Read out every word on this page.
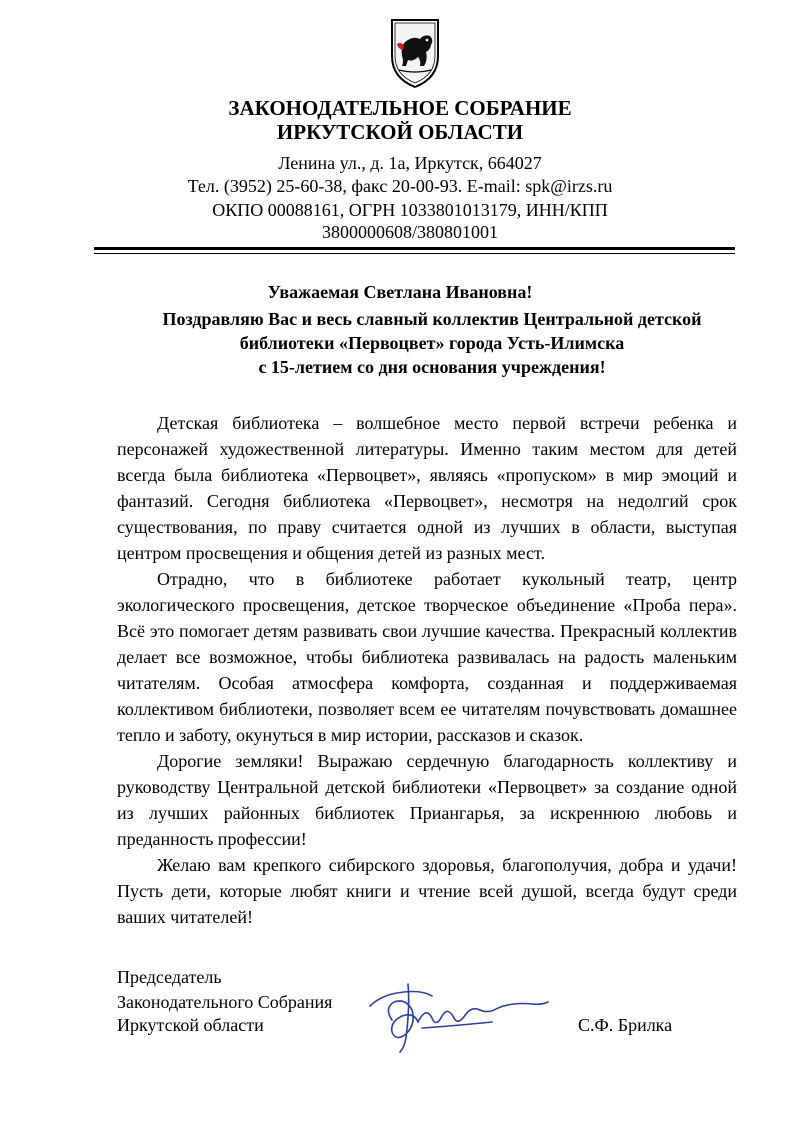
ЗАКОНОДАТЕЛЬНОЕ СОБРАНИЕ
ИРКУТСКОЙ ОБЛАСТИ
Ленина ул., д. 1а, Иркутск, 664027
Тел. (3952) 25-60-38, факс 20-00-93. E-mail: spk@irzs.ru
ОКПО 00088161, ОГРН 1033801013179, ИНН/КПП
3800000608/380801001
Уважаемая Светлана Ивановна!
Поздравляю Вас и весь славный коллектив Центральной детской
библиотеки «Первоцвет» города Усть-Илимска
с 15-летием со дня основания учреждения!

Детская библиотека – волшебное место первой встречи ребенка и персонажей художественной литературы. Именно таким местом для детей всегда была библиотека «Первоцвет», являясь «пропуском» в мир эмоций и фантазий. Сегодня библиотека «Первоцвет», несмотря на недолгий срок существования, по праву считается одной из лучших в области, выступая центром просвещения и общения детей из разных мест.

Отрадно, что в библиотеке работает кукольный театр, центр экологического просвещения, детское творческое объединение «Проба пера». Всё это помогает детям развивать свои лучшие качества. Прекрасный коллектив делает все возможное, чтобы библиотека развивалась на радость маленьким читателям. Особая атмосфера комфорта, созданная и поддерживаемая коллективом библиотеки, позволяет всем ее читателям почувствовать домашнее тепло и заботу, окунуться в мир истории, рассказов и сказок.

Дорогие земляки! Выражаю сердечную благодарность коллективу и руководству Центральной детской библиотеки «Первоцвет» за создание одной из лучших районных библиотек Приангарья, за искреннюю любовь и преданность профессии!

Желаю вам крепкого сибирского здоровья, благополучия, добра и удачи! Пусть дети, которые любят книги и чтение всей душой, всегда будут среди ваших читателей!

Председатель
Законодательного Собрания
Иркутской области	С.Ф. Брилка
